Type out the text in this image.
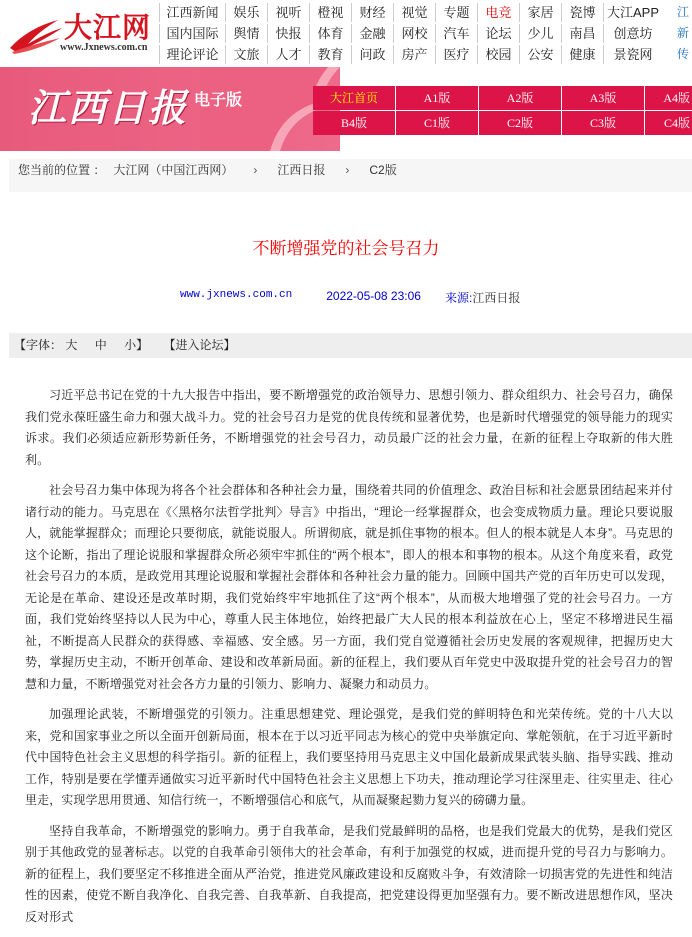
大江网
www.Jxnews.com.cn
江西新闻	娱乐	视听	橙视	财经	视觉	专题	电竞	家居	瓷博 大江APP
国内国际	舆情	快报	体育	金融	网校	汽车	论坛	少儿	南昌	创意坊
理论评论	文旅	人才	教育	问政	房产	医疗	校园	公安	健康	景瓷网
江
新
传
江西日报 电子版	大江首页	A1版	A2版	A3版	A4版
B4版	C1版	C2版	C3版	C4版
您当前的位置 ： 大江网（中国江西网） › 江西日报 › C2版
不断增强党的社会号召力
www.jxnews.com.cn	2022-05-08 23:06 来源: 江西日报
【字体： 大 中 小】 【进入论坛】

习近平总书记在党的十九大报告中指出，要不断增强党的政治领导力、思想引领力、群众组织力、社会号召力，确保我们党永葆旺盛生命力和强大战斗力。党的社会号召力是党的优良传统和显著优势，也是新时代增强党的领导能力的现实诉求。我们必须适应新形势新任务，不断增强党的社会号召力，动员最广泛的社会力量，在新的征程上夺取新的伟大胜利。

社会号召力集中体现为将各个社会群体和各种社会力量，围绕着共同的价值理念、政治目标和社会愿景团结起来并付诸行动的能力。马克思在《〈黑格尔法哲学批判〉导言》中指出，“理论一经掌握群众，也会变成物质力量。理论只要说服人，就能掌握群众；而理论只要彻底，就能说服人。所谓彻底，就是抓住事物的根本。但人的根本就是人本身”。马克思的这个论断，指出了理论说服和掌握群众所必须牢牢抓住的“两个根本”，即人的根本和事物的根本。从这个角度来看，政党社会号召力的本质，是政党用其理论说服和掌握社会群体和各种社会力量的能力。回顾中国共产党的百年历史可以发现，无论是在革命、建设还是改革时期，我们党始终牢牢地抓住了这“两个根本”，从而极大地增强了党的社会号召力。一方面，我们党始终坚持以人民为中心，尊重人民主体地位，始终把最广大人民的根本利益放在心上，坚定不移增进民生福祉，不断提高人民群众的获得感、幸福感、安全感。另一方面，我们党自觉遵循社会历史发展的客观规律，把握历史大势，掌握历史主动，不断开创革命、建设和改革新局面。新的征程上，我们要从百年党史中汲取提升党的社会号召力的智慧和力量，不断增强党对社会各方力量的引领力、影响力、凝聚力和动员力。

加强理论武装，不断增强党的引领力。注重思想建党、理论强党，是我们党的鲜明特色和光荣传统。党的十八大以来，党和国家事业之所以全面开创新局面，根本在于以习近平同志为核心的党中央举旗定向、掌舵领航，在于习近平新时代中国特色社会主义思想的科学指引。新的征程上，我们要坚持用马克思主义中国化最新成果武装头脑、指导实践、推动工作，特别是要在学懂弄通做实习近平新时代中国特色社会主义思想上下功夫，推动理论学习往深里走、往实里走、往心里走，实现学思用贯通、知信行统一，不断增强信心和底气，从而凝聚起勠力复兴的磅礴力量。

坚持自我革命，不断增强党的影响力。勇于自我革命，是我们党最鲜明的品格，也是我们党最大的优势，是我们党区别于其他政党的显著标志。以党的自我革命引领伟大的社会革命，有利于加强党的权威，进而提升党的号召力与影响力。新的征程上，我们要坚定不移推进全面从严治党，推进党风廉政建设和反腐败斗争，有效清除一切损害党的先进性和纯洁性的因素，使党不断自我净化、自我完善、自我革新、自我提高，把党建设得更加坚强有力。要不断改进思想作风，坚决反对形式
